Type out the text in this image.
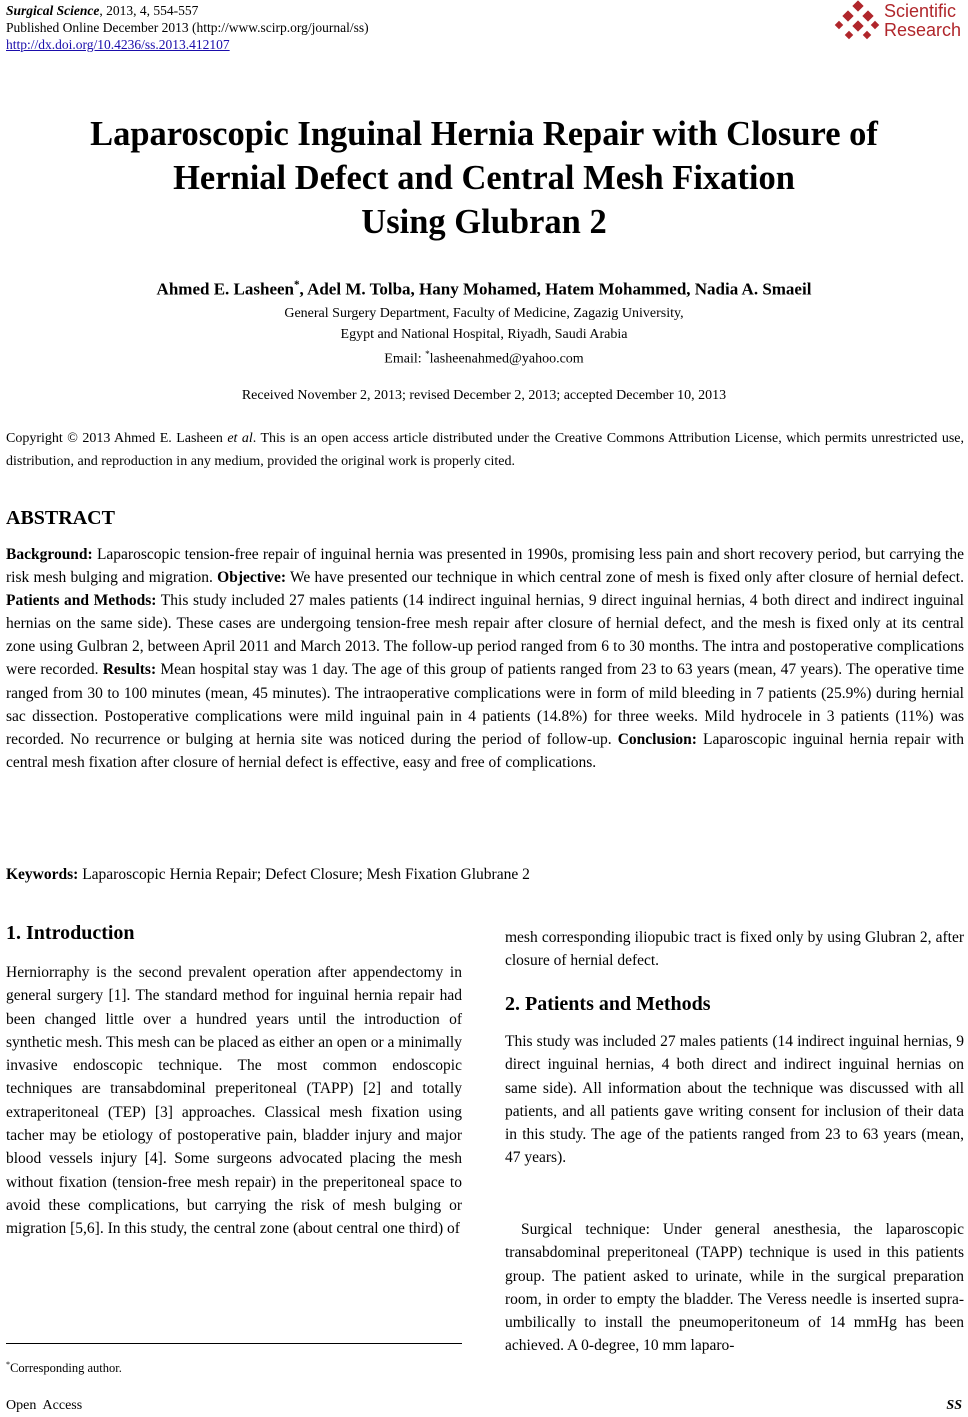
Surgical Science, 2013, 4, 554-557
Published Online December 2013 (http://www.scirp.org/journal/ss)
http://dx.doi.org/10.4236/ss.2013.412107
Scientific
Research
Laparoscopic Inguinal Hernia Repair with Closure of
Hernial Defect and Central Mesh Fixation
Using Glubran 2
Ahmed E. Lasheen*, Adel M. Tolba, Hany Mohamed, Hatem Mohammed, Nadia A. Smaeil
General Surgery Department, Faculty of Medicine, Zagazig University,
Egypt and National Hospital, Riyadh, Saudi Arabia
Email: *lasheenahmed@yahoo.com
Received November 2, 2013; revised December 2, 2013; accepted December 10, 2013
Copyright © 2013 Ahmed E. Lasheen et al. This is an open access article distributed under the Creative Commons Attribution License, which permits unrestricted use, distribution, and reproduction in any medium, provided the original work is properly cited.
ABSTRACT
Background: Laparoscopic tension-free repair of inguinal hernia was presented in 1990s, promising less pain and short recovery period, but carrying the risk mesh bulging and migration. Objective: We have presented our technique in which central zone of mesh is fixed only after closure of hernial defect. Patients and Methods: This study included 27 males patients (14 indirect inguinal hernias, 9 direct inguinal hernias, 4 both direct and indirect inguinal hernias on the same side). These cases are undergoing tension-free mesh repair after closure of hernial defect, and the mesh is fixed only at its central zone using Gulbran 2, between April 2011 and March 2013. The follow-up period ranged from 6 to 30 months. The intra and postoperative complications were recorded. Results: Mean hospital stay was 1 day. The age of this group of patients ranged from 23 to 63 years (mean, 47 years). The operative time ranged from 30 to 100 minutes (mean, 45 minutes). The intraoperative complications were in form of mild bleeding in 7 patients (25.9%) during hernial sac dissection. Postoperative complications were mild inguinal pain in 4 patients (14.8%) for three weeks. Mild hydrocele in 3 patients (11%) was recorded. No recurrence or bulging at hernia site was noticed during the period of follow-up. Conclusion: Laparoscopic inguinal hernia repair with central mesh fixation after closure of hernial defect is effective, easy and free of complications.
Keywords: Laparoscopic Hernia Repair; Defect Closure; Mesh Fixation Glubrane 2
1. Introduction
Herniorraphy is the second prevalent operation after appendectomy in general surgery [1]. The standard method for inguinal hernia repair had been changed little over a hundred years until the introduction of synthetic mesh. This mesh can be placed as either an open or a minimally invasive endoscopic technique. The most common endoscopic techniques are transabdominal preperitoneal (TAPP) [2] and totally extraperitoneal (TEP) [3] approaches. Classical mesh fixation using tacher may be etiology of postoperative pain, bladder injury and major blood vessels injury [4]. Some surgeons advocated placing the mesh without fixation (tension-free mesh repair) in the preperitoneal space to avoid these complications, but carrying the risk of mesh bulging or migration [5,6]. In this study, the central zone (about central one third) of
*Corresponding author.
mesh corresponding iliopubic tract is fixed only by using Glubran 2, after closure of hernial defect.
2. Patients and Methods
This study was included 27 males patients (14 indirect inguinal hernias, 9 direct inguinal hernias, 4 both direct and indirect inguinal hernias on same side). All information about the technique was discussed with all patients, and all patients gave writing consent for inclusion of their data in this study. The age of the patients ranged from 23 to 63 years (mean, 47 years).
Surgical technique: Under general anesthesia, the laparoscopic transabdominal preperitoneal (TAPP) technique is used in this patients group. The patient asked to urinate, while in the surgical preparation room, in order to empty the bladder. The Veress needle is inserted supra-umbilically to install the pneumoperitoneum of 14 mmHg has been achieved. A 0-degree, 10 mm laparo-
Open  Access	SS
